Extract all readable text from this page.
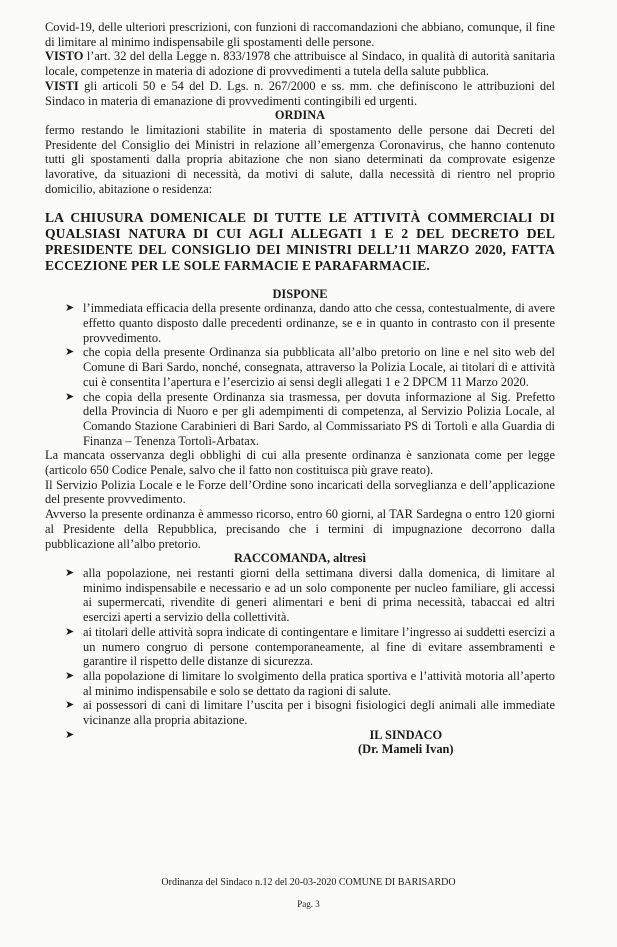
Covid-19, delle ulteriori prescrizioni, con funzioni di raccomandazioni che abbiano, comunque, il fine di limitare al minimo indispensabile gli spostamenti delle persone.

VISTO l’art. 32 del della Legge n. 833/1978 che attribuisce al Sindaco, in qualità di autorità sanitaria locale, competenze in materia di adozione di provvedimenti a tutela della salute pubblica.

VISTI gli articoli 50 e 54 del D. Lgs. n. 267/2000 e ss. mm. che definiscono le attribuzioni del Sindaco in materia di emanazione di provvedimenti contingibili ed urgenti.

ORDINA

fermo restando le limitazioni stabilite in materia di spostamento delle persone dai Decreti del Presidente del Consiglio dei Ministri in relazione all’emergenza Coronavirus, che hanno contenuto tutti gli spostamenti dalla propria abitazione che non siano determinati da comprovate esigenze lavorative, da situazioni di necessità, da motivi di salute, dalla necessità di rientro nel proprio domicilio, abitazione o residenza:

LA CHIUSURA DOMENICALE DI TUTTE LE ATTIVITÀ COMMERCIALI DI QUALSIASI NATURA DI CUI AGLI ALLEGATI 1 E 2 DEL DECRETO DEL PRESIDENTE DEL CONSIGLIO DEI MINISTRI DELL’11 MARZO 2020, FATTA ECCEZIONE PER LE SOLE FARMACIE E PARAFARMACIE.

DISPONE

➤ l’immediata efficacia della presente ordinanza, dando atto che cessa, contestualmente, di avere effetto quanto disposto dalle precedenti ordinanze, se e in quanto in contrasto con il presente provvedimento.
➤ che copia della presente Ordinanza sia pubblicata all’albo pretorio on line e nel sito web del Comune di Bari Sardo, nonché, consegnata, attraverso la Polizia Locale, ai titolari di e attività cui è consentita l’apertura e l’esercizio ai sensi degli allegati 1 e 2 DPCM 11 Marzo 2020.
➤ che copia della presente Ordinanza sia trasmessa, per dovuta informazione al Sig. Prefetto della Provincia di Nuoro e per gli adempimenti di competenza, al Servizio Polizia Locale, al Comando Stazione Carabinieri di Bari Sardo, al Commissariato PS di Tortolì e alla Guardia di Finanza – Tenenza Tortolì-Arbatax.

La mancata osservanza degli obblighi di cui alla presente ordinanza è sanzionata come per legge (articolo 650 Codice Penale, salvo che il fatto non costituisca più grave reato).

Il Servizio Polizia Locale e le Forze dell’Ordine sono incaricati della sorveglianza e dell’applicazione del presente provvedimento.

Avverso la presente ordinanza è ammesso ricorso, entro 60 giorni, al TAR Sardegna o entro 120 giorni al Presidente della Repubblica, precisando che i termini di impugnazione decorrono dalla pubblicazione all’albo pretorio.

RACCOMANDA, altresì

➤ alla popolazione, nei restanti giorni della settimana diversi dalla domenica, di limitare al minimo indispensabile e necessario e ad un solo componente per nucleo familiare, gli accessi ai supermercati, rivendite di generi alimentari e beni di prima necessità, tabaccai ed altri esercizi aperti a servizio della collettività.
➤ ai titolari delle attività sopra indicate di contingentare e limitare l’ingresso ai suddetti esercizi a un numero congruo di persone contemporaneamente, al fine di evitare assembramenti e garantire il rispetto delle distanze di sicurezza.
➤ alla popolazione di limitare lo svolgimento della pratica sportiva e l’attività motoria all’aperto al minimo indispensabile e solo se dettato da ragioni di salute.
➤ ai possessori di cani di limitare l’uscita per i bisogni fisiologici degli animali alle immediate vicinanze alla propria abitazione.
➤	IL SINDACO
(Dr. Mameli Ivan)
Ordinanza del Sindaco n.12 del 20-03-2020 COMUNE DI BARISARDO
Pag. 3
